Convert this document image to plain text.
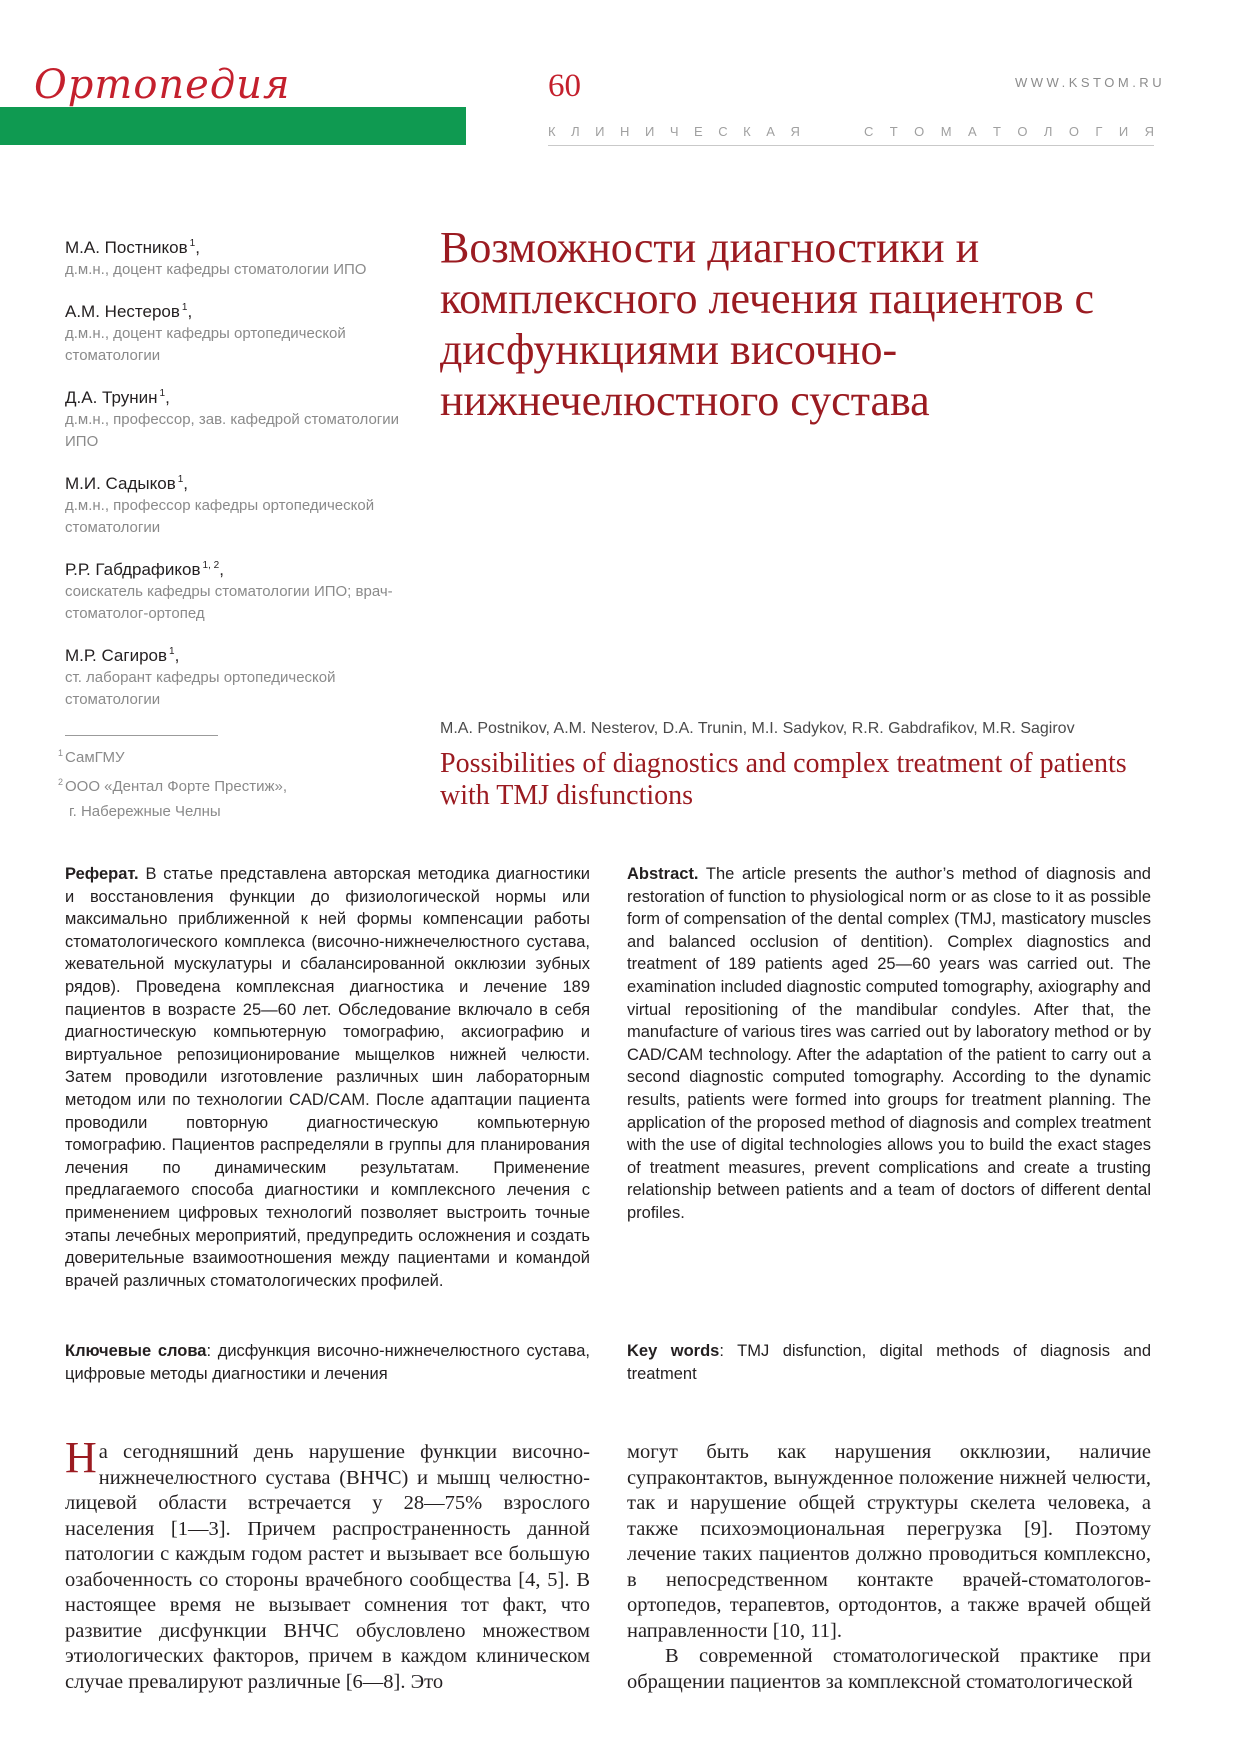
Ортопедия	60	WWW.KSTOM.RU
К Л И Н И Ч Е С К А Я	С Т О М А Т О Л О Г И Я
М.А. Постников $^1$,
д.м.н., доцент кафедры стоматологии ИПО
А.М. Нестеров $^1$,
д.м.н., доцент кафедры ортопедической стоматологии
Д.А. Трунин $^1$,
д.м.н., профессор, зав. кафедрой стоматологии ИПО
М.И. Садыков $^1$,
д.м.н., профессор кафедры ортопедической стоматологии
Р.Р. Габдрафиков $^{1, 2}$,
соискатель кафедры стоматологии ИПО; врач-стоматолог-ортопед
М.Р. Сагиров $^1$,
ст. лаборант кафедры ортопедической стоматологии
$^1$ СамГМУ
$^2$ ООО «Дентал Форте Престиж»,
г. Набережные Челны
Возможности диагностики и комплексного лечения пациентов с дисфункциями височно-нижнечелюстного сустава
M.A. Postnikov, A.M. Nesterov, D.A. Trunin, M.I. Sadykov, R.R. Gabdrafikov, M.R. Sagirov
Possibilities of diagnostics and complex treatment of patients with TMJ disfunctions
Реферат. В статье представлена авторская методика диагностики и восстановления функции до физиологической нормы или максимально приближенной к ней формы компенсации работы стоматологического комплекса (височно-нижнечелюстного сустава, жевательной мускулатуры и сбалансированной окклюзии зубных рядов). Проведена комплексная диагностика и лечение 189 пациентов в возрасте 25—60 лет. Обследование включало в себя диагностическую компьютерную томографию, аксиографию и виртуальное репозиционирование мыщелков нижней челюсти. Затем проводили изготовление различных шин лабораторным методом или по технологии CAD/CAM. После адаптации пациента проводили повторную диагностическую компьютерную томографию. Пациентов распределяли в группы для планирования лечения по динамическим результатам. Применение предлагаемого способа диагностики и комплексного лечения с применением цифровых технологий позволяет выстроить точные этапы лечебных мероприятий, предупредить осложнения и создать доверительные взаимоотношения между пациентами и командой врачей различных стоматологических профилей.
Abstract. The article presents the author’s method of diagnosis and restoration of function to physiological norm or as close to it as possible form of compensation of the dental complex (TMJ, masticatory muscles and balanced occlusion of dentition). Complex diagnostics and treatment of 189 patients aged 25—60 years was carried out. The examination included diagnostic computed tomography, axiography and virtual repositioning of the mandibular condyles. After that, the manufacture of various tires was carried out by laboratory method or by CAD/CAM technology. After the adaptation of the patient to carry out a second diagnostic computed tomography. According to the dynamic results, patients were formed into groups for treatment planning. The application of the proposed method of diagnosis and complex treatment with the use of digital technologies allows you to build the exact stages of treatment measures, prevent complications and create a trusting relationship between patients and a team of doctors of different dental profiles.
Ключевые слова: дисфункция височно-нижнечелюстного сустава, цифровые методы диагностики и лечения
Key words: TMJ disfunction, digital methods of diagnosis and treatment
На сегодняшний день нарушение функции височно-нижнечелюстного сустава (ВНЧС) и мышц челюстно-лицевой области встречается у 28—75% взрослого населения [1—3]. Причем распространенность данной патологии с каждым годом растет и вызывает все большую озабоченность со стороны врачебного сообщества [4, 5]. В настоящее время не вызывает сомнения тот факт, что развитие дисфункции ВНЧС обусловлено множеством этиологических факторов, причем в каждом клиническом случае превалируют различные [6—8]. Это
могут быть как нарушения окклюзии, наличие супраконтактов, вынужденное положение нижней челюсти, так и нарушение общей структуры скелета человека, а также психоэмоциональная перегрузка [9]. Поэтому лечение таких пациентов должно проводиться комплексно, в непосредственном контакте врачей-стоматологов-ортопедов, терапевтов, ортодонтов, а также врачей общей направленности [10, 11].
В современной стоматологической практике при обращении пациентов за комплексной стоматологической
